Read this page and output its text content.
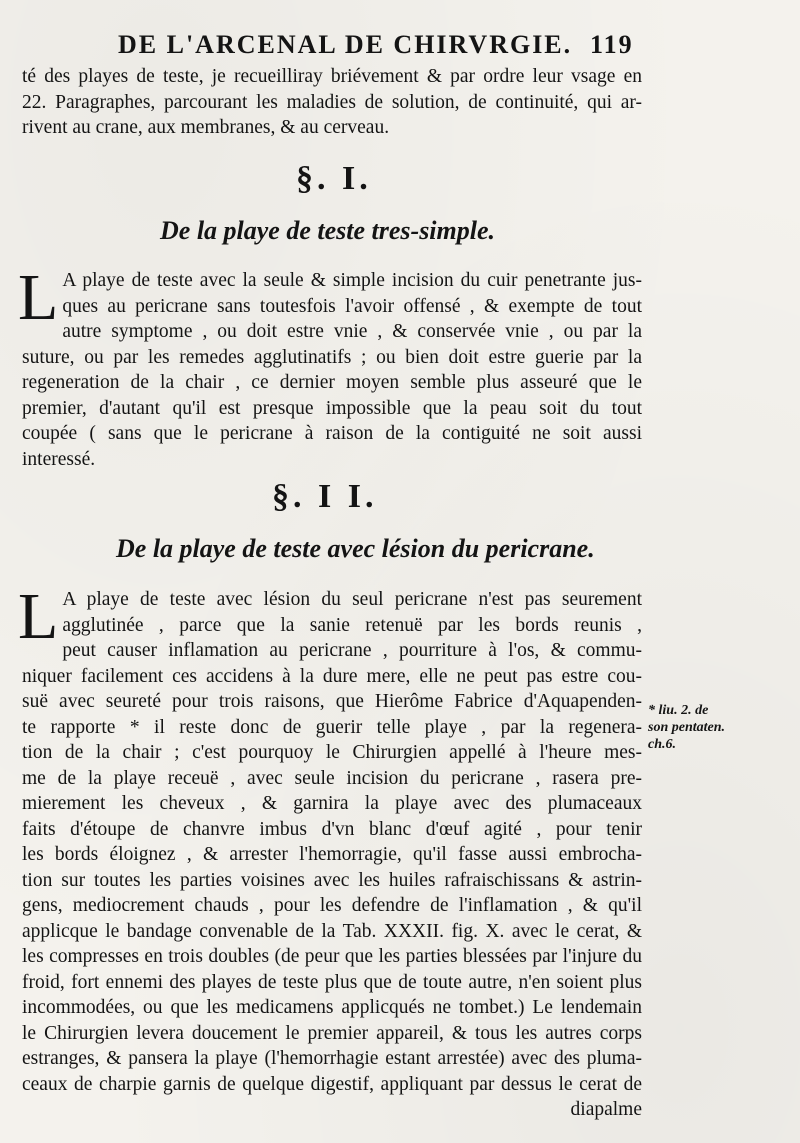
DE L'ARCENAL DE CHIRVRGIE. 119
té des playes de teste, je recueilliray briévement & par ordre leur vsage en
22. Paragraphes, parcourant les maladies de solution, de continuité, qui ar-
rivent au crane, aux membranes, & au cerveau.
§. I.
De la playe de teste tres-simple.
L A playe de teste avec la seule & simple incision du cuir penetrante jus-
ques au pericrane sans toutesfois l'avoir offensé , & exempte de tout
autre symptome , ou doit estre vnie , & conservée vnie , ou par la
suture, ou par les remedes agglutinatifs ; ou bien doit estre guerie par la
regeneration de la chair , ce dernier moyen semble plus asseuré que le
premier, d'autant qu'il est presque impossible que la peau soit du tout
coupée ( sans que le pericrane à raison de la contiguité ne soit aussi
interessé.
§. I I.
De la playe de teste avec lésion du pericrane.
L A playe de teste avec lésion du seul pericrane n'est pas seurement
agglutinée , parce que la sanie retenuë par les bords reunis ,
peut causer inflamation au pericrane , pourriture à l'os, & commu-
niquer facilement ces accidens à la dure mere, elle ne peut pas estre cou-
suë avec seureté pour trois raisons, que Hierôme Fabrice d'Aquapenden-
te rapporte * il reste donc de guerir telle playe , par la regenera-
tion de la chair ; c'est pourquoy le Chirurgien appellé à l'heure mes-
me de la playe receuë , avec seule incision du pericrane , rasera pre-
mierement les cheveux , & garnira la playe avec des plumaceaux
faits d'étoupe de chanvre imbus d'vn blanc d'œuf agité , pour tenir
les bords éloignez , & arrester l'hemorragie, qu'il fasse aussi embrocha-
tion sur toutes les parties voisines avec les huiles rafraischissans & astrin-
gens, mediocrement chauds , pour les defendre de l'inflamation , & qu'il
applicque le bandage convenable de la Tab. XXXII. fig. X. avec le cerat, &
les compresses en trois doubles (de peur que les parties blessées par l'injure du
froid, fort ennemi des playes de teste plus que de toute autre, n'en soient plus
incommodées, ou que les medicamens applicqués ne tombet.) Le lendemain
le Chirurgien levera doucement le premier appareil, & tous les autres corps
estranges, & pansera la playe (l'hemorrhagie estant arrestée) avec des pluma-
ceaux de charpie garnis de quelque digestif, appliquant par dessus le cerat de
diapalme
* liu. 2. de
son pentaten.
ch.6.
